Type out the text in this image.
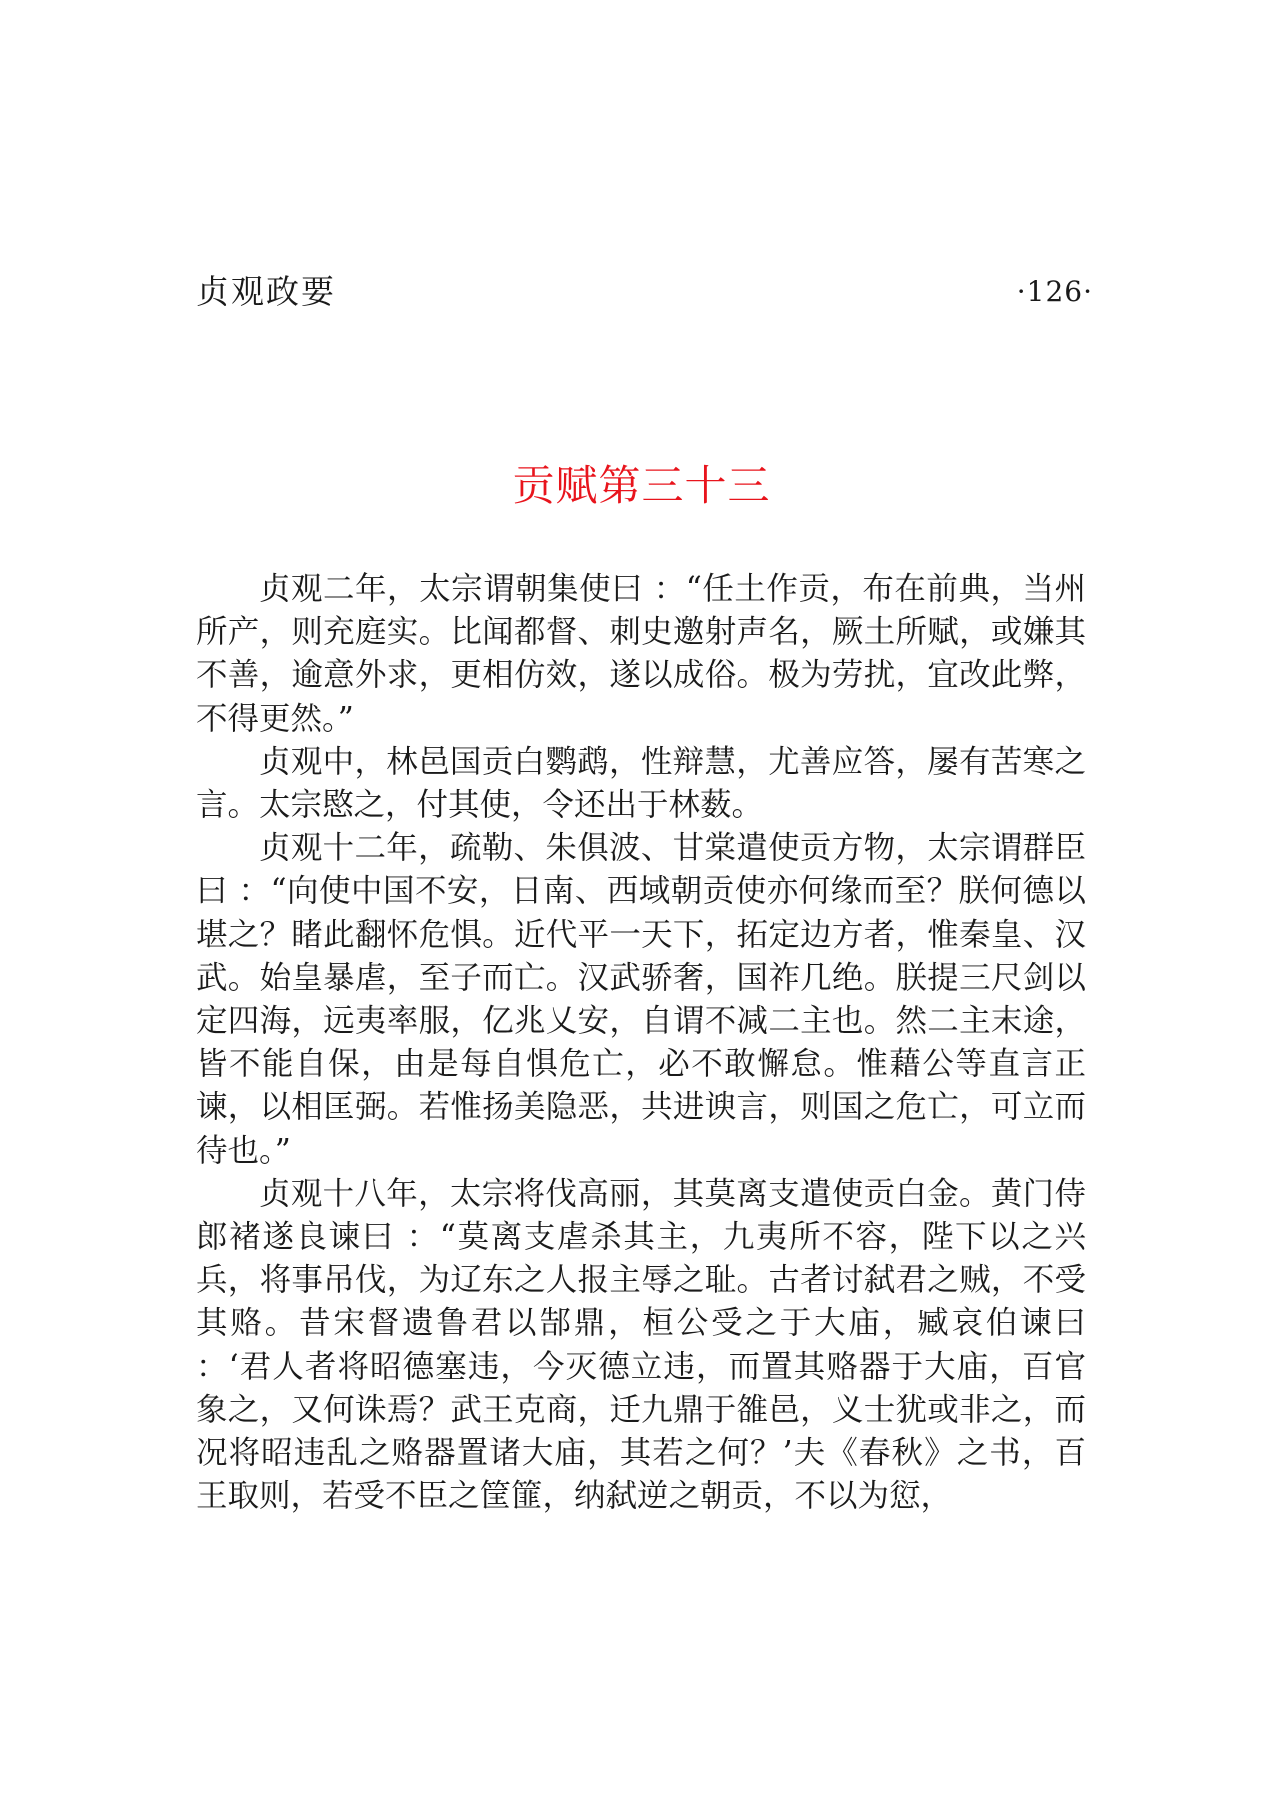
贞观政要	·126·
贡赋第三十三

贞观二年，太宗谓朝集使曰 ：“任土作贡，布在前典，当州所产，则充庭实。比闻都督、刺史邀射声名，厥土所赋，或嫌其不善，逾意外求，更相仿效，遂以成俗。极为劳扰，宜改此弊，不得更然。”

贞观中，林邑国贡白鹦鹉，性辩慧，尤善应答，屡有苦寒之言。太宗愍之，付其使，令还出于林薮。

贞观十二年，疏勒、朱俱波、甘棠遣使贡方物，太宗谓群臣曰 ：“向使中国不安，日南、西域朝贡使亦何缘而至？朕何德以堪之？睹此翻怀危惧。近代平一天下，拓定边方者，惟秦皇、汉武。始皇暴虐，至子而亡。汉武骄奢，国祚几绝。朕提三尺剑以定四海，远夷率服，亿兆乂安，自谓不减二主也。然二主末途，皆不能自保，由是每自惧危亡，必不敢懈怠。惟藉公等直言正谏，以相匡弼。若惟扬美隐恶，共进谀言，则国之危亡，可立而待也。”

贞观十八年，太宗将伐高丽，其莫离支遣使贡白金。黄门侍郎褚遂良谏曰 ：“莫离支虐杀其主，九夷所不容，陛下以之兴兵，将事吊伐，为辽东之人报主辱之耻。古者讨弑君之贼，不受其赂。昔宋督遗鲁君以郜鼎，桓公受之于大庙，臧哀伯谏曰 ：‘君人者将昭德塞违，今灭德立违，而置其赂器于大庙，百官象之，又何诛焉？武王克商，迁九鼎于雒邑，义士犹或非之，而况将昭违乱之赂器置诸大庙，其若之何？’夫《春秋》之书，百王取则，若受不臣之筐篚，纳弑逆之朝贡，不以为愆，
